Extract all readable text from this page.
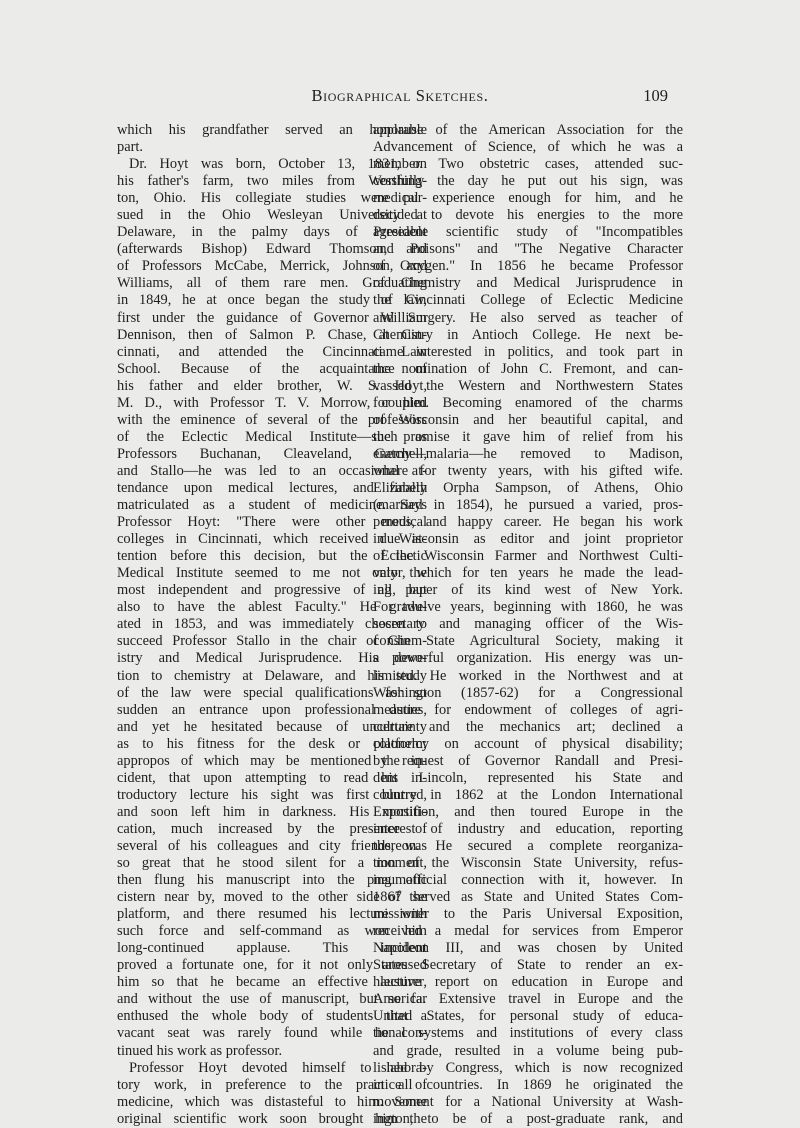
Biographical Sketches.	109
which his grandfather served an honorable
part.
Dr. Hoyt was born, October 13, 1831, on
his father's farm, two miles from Worthing-
ton, Ohio. His collegiate studies were pur-
sued in the Ohio Wesleyan University at
Delaware, in the palmy days of President
(afterwards Bishop) Edward Thomson, and
of Professors McCabe, Merrick, Johnson, and
Williams, all of them rare men. Graduating
in 1849, he at once began the study of law,
first under the guidance of Governor William
Dennison, then of Salmon P. Chase, at Cin-
cinnati, and attended the Cincinnati Law
School. Because of the acquaintance of
his father and elder brother, W. S. Hoyt,
M. D., with Professor T. V. Morrow, coupled
with the eminence of several of the professors
of the Eclectic Medical Institute—such as
Professors Buchanan, Cleaveland, Gatchell,
and Stallo—he was led to an occasional at-
tendance upon medical lectures, and finally
matriculated as a student of medicine. Says
Professor Hoyt: "There were other medical
colleges in Cincinnati, which received due at-
tention before this decision, but the Eclectic
Medical Institute seemed to me not only the
most independent and progressive of all, but
also to have the ablest Faculty." He gradu-
ated in 1853, and was immediately chosen to
succeed Professor Stallo in the chair of Chem-
istry and Medical Jurisprudence. His devo-
tion to chemistry at Delaware, and his study
of the law were special qualifications for so
sudden an entrance upon professional duties,
and yet he hesitated because of uncertainty
as to his fitness for the desk or platform;
appropos of which may be mentioned the in-
cident, that upon attempting to read his in-
troductory lecture his sight was first blurred,
and soon left him in darkness. His mortifi-
cation, much increased by the presence of
several of his colleagues and city friends, was
so great that he stood silent for a moment,
then flung his manuscript into the pneumatic
cistern near by, moved to the other side of the
platform, and there resumed his lecture with
such force and self-command as won him
long-continued applause. This incident
proved a fortunate one, for it not only aroused
him so that he became an effective lecturer,
and without the use of manuscript, but so far
enthused the whole body of students that a
vacant seat was rarely found while he con-
tinued his work as professor.
Professor Hoyt devoted himself to labora-
tory work, in preference to the practice of
medicine, which was distasteful to him. Some
original scientific work soon brought him the
applause of the American Association for the
Advancement of Science, of which he was a
member. Two obstetric cases, attended suc-
cessfully the day he put out his sign, was
medical experience enough for him, and he
decided to devote his energies to the more
agreeable scientific study of "Incompatibles
and Poisons" and "The Negative Character
of Oxygen." In 1856 he became Professor
of Chemistry and Medical Jurisprudence in
the Cincinnati College of Eclectic Medicine
and Surgery. He also served as teacher of
Chemistry in Antioch College. He next be-
came interested in politics, and took part in
the nomination of John C. Fremont, and can-
vassed the Western and Northwestern States
for him. Becoming enamored of the charms
of Wisconsin and her beautiful capital, and
the promise it gave him of relief from his
enemy—malaria—he removed to Madison,
where for twenty years, with his gifted wife.
Elizabeth Orpha Sampson, of Athens, Ohio
(married in 1854), he pursued a varied, pros-
perous, and happy career. He began his work
in Wisconsin as editor and joint proprietor
of the Wisconsin Farmer and Northwest Culti-
vator, which for ten years he made the lead-
ing paper of its kind west of New York.
For twelve years, beginning with 1860, he was
secretary and managing officer of the Wis-
consin State Agricultural Society, making it
a powerful organization. His energy was un-
limited. He worked in the Northwest and at
Washington (1857-62) for a Congressional
measure for endowment of colleges of agri-
culture and the mechanics art; declined a
colonelcy on account of physical disability;
by request of Governor Randall and Presi-
dent Lincoln, represented his State and
country in 1862 at the London International
Exposition, and then toured Europe in the
interest of industry and education, reporting
thereon. He secured a complete reorganiza-
tion of the Wisconsin State University, refus-
ing official connection with it, however. In
1867 served as State and United States Com-
missioner to the Paris Universal Exposition,
received a medal for services from Emperor
Napoleon III, and was chosen by United
States Secretary of State to render an ex-
haustive report on education in Europe and
America. Extensive travel in Europe and the
United States, for personal study of educa-
tional systems and institutions of every class
and grade, resulted in a volume being pub-
lished by Congress, which is now recognized
in all countries. In 1869 he originated the
movement for a National University at Wash-
ington, to be of a post-graduate rank, and
